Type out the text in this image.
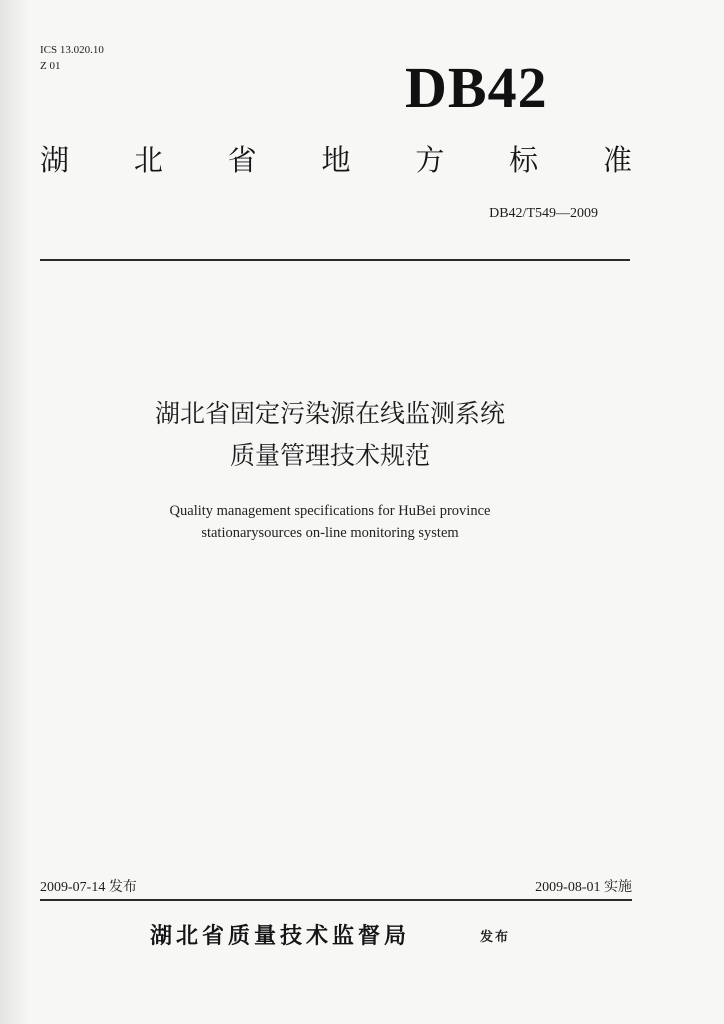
ICS 13.020.10
Z 01	DB42
湖 北 省 地 方 标 准
DB42/T549—2009
湖北省固定污染源在线监测系统
质量管理技术规范
Quality management specifications for HuBei province
stationarysources on-line monitoring system
2009-07-14 发布	2009-08-01 实施
湖北省质量技术监督局	发布
